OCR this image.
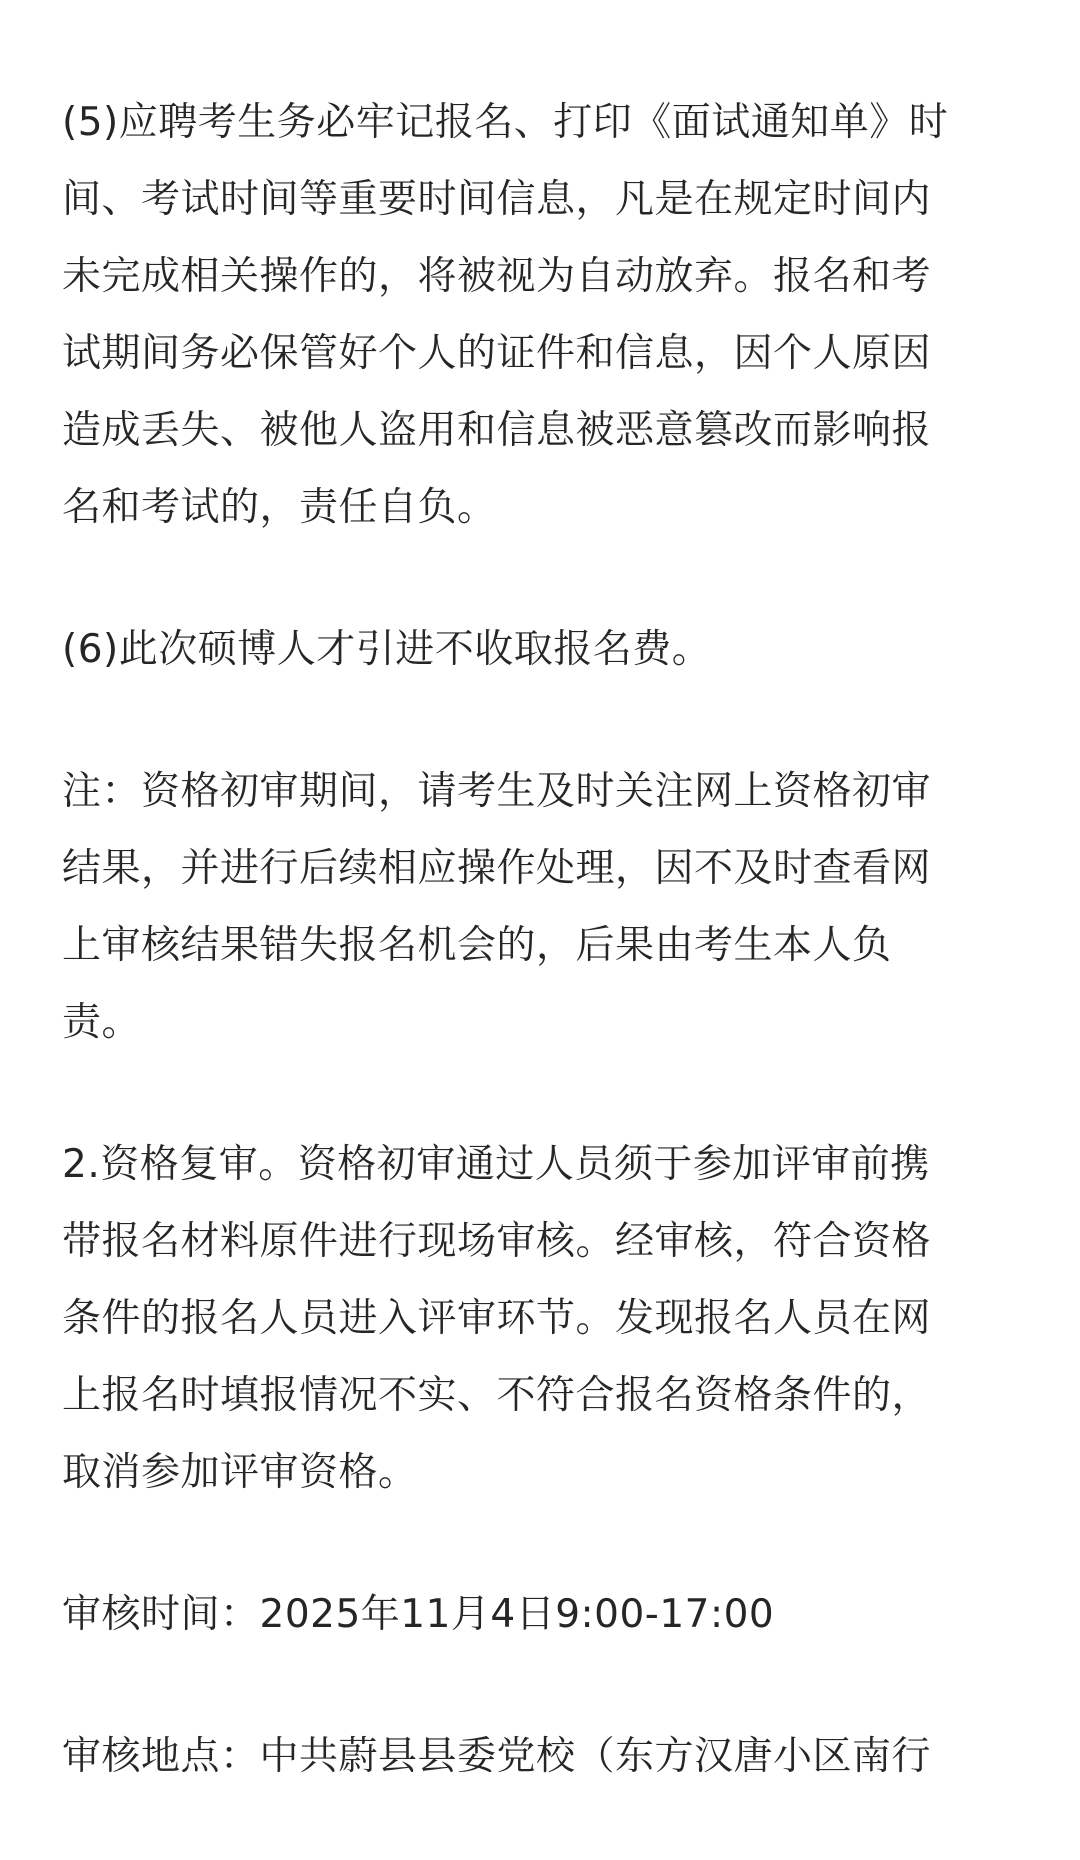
(5)应聘考生务必牢记报名、打印《面试通知单》时
间、考试时间等重要时间信息，凡是在规定时间内
未完成相关操作的，将被视为自动放弃。报名和考
试期间务必保管好个人的证件和信息，因个人原因
造成丢失、被他人盗用和信息被恶意篡改而影响报
名和考试的，责任自负。

(6)此次硕博人才引进不收取报名费。

注：资格初审期间，请考生及时关注网上资格初审
结果，并进行后续相应操作处理，因不及时查看网
上审核结果错失报名机会的，后果由考生本人负
责。

2.资格复审。资格初审通过人员须于参加评审前携
带报名材料原件进行现场审核。经审核，符合资格
条件的报名人员进入评审环节。发现报名人员在网
上报名时填报情况不实、不符合报名资格条件的，
取消参加评审资格。

审核时间：2025年11月4日9:00-17:00

审核地点：中共蔚县县委党校（东方汉唐小区南行
